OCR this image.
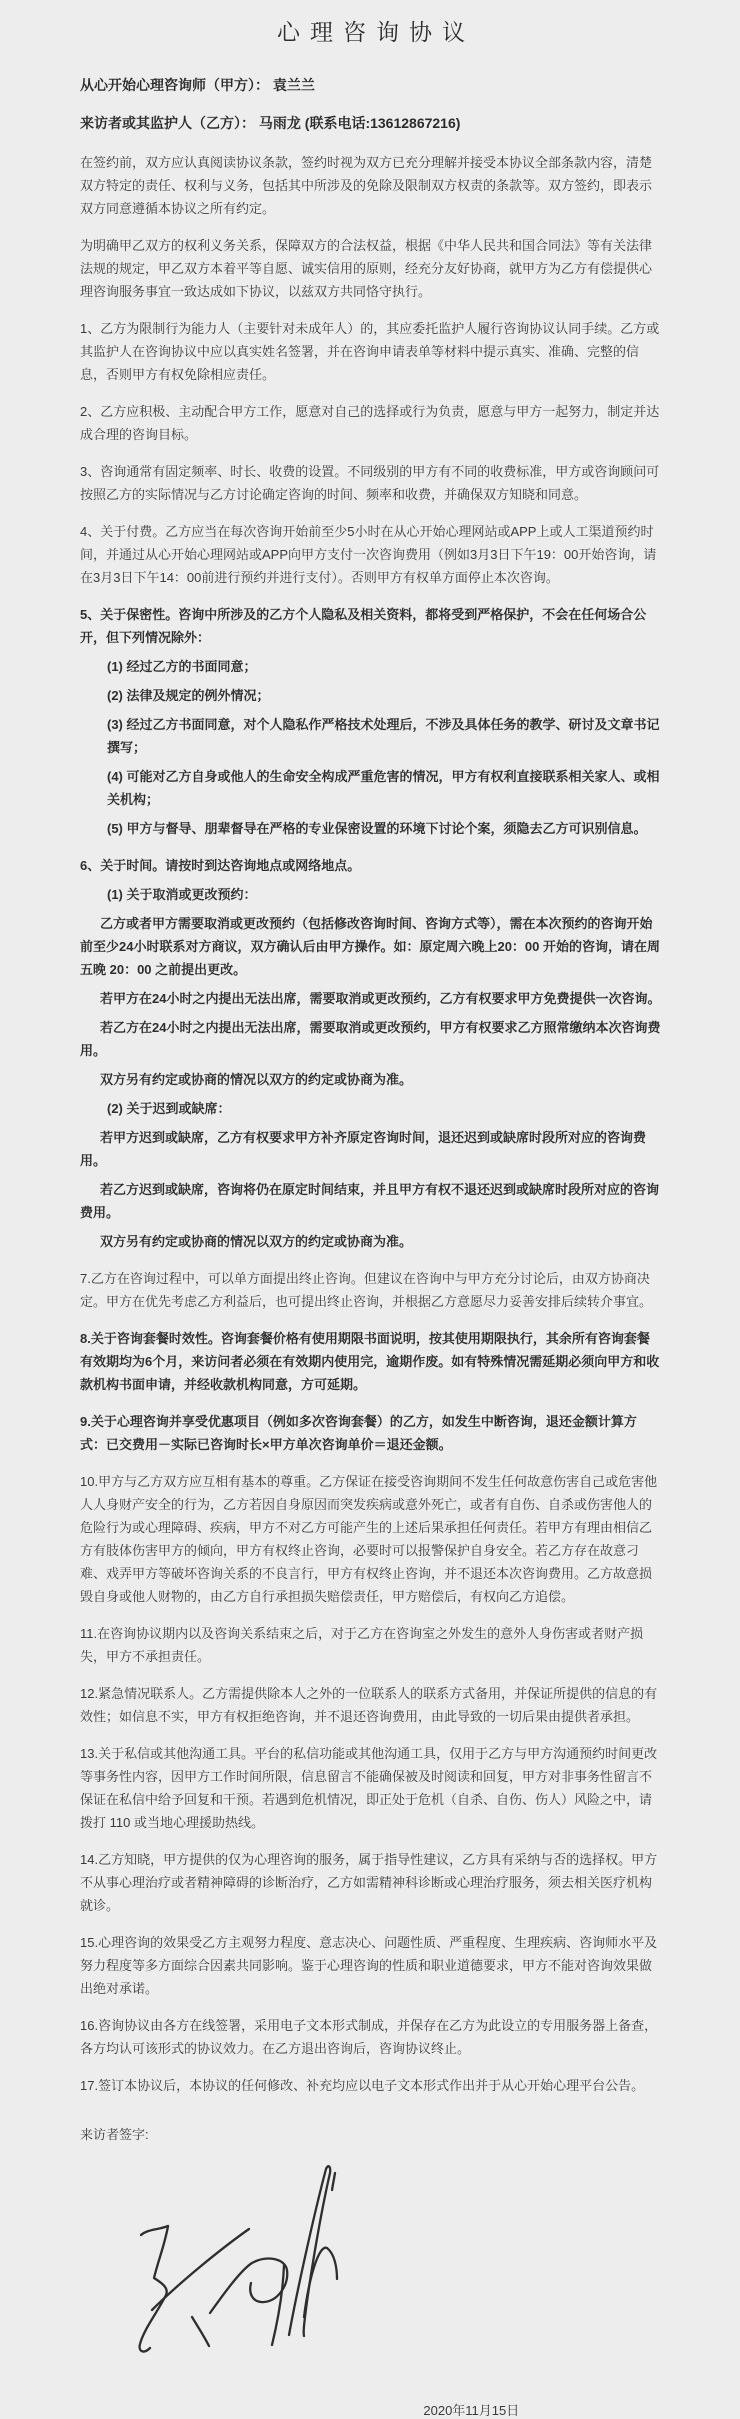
心理咨询协议

从心开始心理咨询师（甲方）： 袁兰兰

来访者或其监护人（乙方）： 马雨龙 (联系电话:13612867216)

在签约前，双方应认真阅读协议条款，签约时视为双方已充分理解并接受本协议全部条款内容，清楚双方特定的责任、权利与义务，包括其中所涉及的免除及限制双方权责的条款等。双方签约，即表示双方同意遵循本协议之所有约定。

为明确甲乙双方的权利义务关系，保障双方的合法权益，根据《中华人民共和国合同法》等有关法律法规的规定，甲乙双方本着平等自愿、诚实信用的原则，经充分友好协商，就甲方为乙方有偿提供心理咨询服务事宜一致达成如下协议，以兹双方共同恪守执行。

1、乙方为限制行为能力人（主要针对未成年人）的，其应委托监护人履行咨询协议认同手续。乙方或其监护人在咨询协议中应以真实姓名签署，并在咨询申请表单等材料中提示真实、准确、完整的信息，否则甲方有权免除相应责任。

2、乙方应积极、主动配合甲方工作，愿意对自己的选择或行为负责，愿意与甲方一起努力，制定并达成合理的咨询目标。

3、咨询通常有固定频率、时长、收费的设置。不同级别的甲方有不同的收费标准，甲方或咨询顾问可按照乙方的实际情况与乙方讨论确定咨询的时间、频率和收费，并确保双方知晓和同意。

4、关于付费。乙方应当在每次咨询开始前至少5小时在从心开始心理网站或APP上或人工渠道预约时间，并通过从心开始心理网站或APP向甲方支付一次咨询费用（例如3月3日下午19：00开始咨询，请在3月3日下午14：00前进行预约并进行支付）。否则甲方有权单方面停止本次咨询。

5、关于保密性。咨询中所涉及的乙方个人隐私及相关资料，都将受到严格保护，不会在任何场合公开，但下列情况除外：

(1) 经过乙方的书面同意；

(2) 法律及规定的例外情况；

(3) 经过乙方书面同意，对个人隐私作严格技术处理后，不涉及具体任务的教学、研讨及文章书记撰写；

(4) 可能对乙方自身或他人的生命安全构成严重危害的情况，甲方有权利直接联系相关家人、或相关机构；

(5) 甲方与督导、朋辈督导在严格的专业保密设置的环境下讨论个案，须隐去乙方可识别信息。

6、关于时间。请按时到达咨询地点或网络地点。

(1) 关于取消或更改预约：

乙方或者甲方需要取消或更改预约（包括修改咨询时间、咨询方式等），需在本次预约的咨询开始前至少24小时联系对方商议，双方确认后由甲方操作。如：原定周六晚上20：00 开始的咨询，请在周五晚 20：00 之前提出更改。

若甲方在24小时之内提出无法出席，需要取消或更改预约，乙方有权要求甲方免费提供一次咨询。

若乙方在24小时之内提出无法出席，需要取消或更改预约，甲方有权要求乙方照常缴纳本次咨询费用。

双方另有约定或协商的情况以双方的约定或协商为准。

(2) 关于迟到或缺席：

若甲方迟到或缺席，乙方有权要求甲方补齐原定咨询时间，退还迟到或缺席时段所对应的咨询费用。

若乙方迟到或缺席，咨询将仍在原定时间结束，并且甲方有权不退还迟到或缺席时段所对应的咨询费用。

双方另有约定或协商的情况以双方的约定或协商为准。

7.乙方在咨询过程中，可以单方面提出终止咨询。但建议在咨询中与甲方充分讨论后，由双方协商决定。甲方在优先考虑乙方利益后，也可提出终止咨询，并根据乙方意愿尽力妥善安排后续转介事宜。

8.关于咨询套餐时效性。咨询套餐价格有使用期限书面说明，按其使用期限执行，其余所有咨询套餐有效期均为6个月，来访问者必须在有效期内使用完，逾期作废。如有特殊情况需延期必须向甲方和收款机构书面申请，并经收款机构同意，方可延期。

9.关于心理咨询并享受优惠项目（例如多次咨询套餐）的乙方，如发生中断咨询，退还金额计算方式：已交费用－实际已咨询时长×甲方单次咨询单价＝退还金额。

10.甲方与乙方双方应互相有基本的尊重。乙方保证在接受咨询期间不发生任何故意伤害自己或危害他人人身财产安全的行为，乙方若因自身原因而突发疾病或意外死亡，或者有自伤、自杀或伤害他人的危险行为或心理障碍、疾病，甲方不对乙方可能产生的上述后果承担任何责任。若甲方有理由相信乙方有肢体伤害甲方的倾向，甲方有权终止咨询，必要时可以报警保护自身安全。若乙方存在故意刁难、戏弄甲方等破坏咨询关系的不良言行，甲方有权终止咨询，并不退还本次咨询费用。乙方故意损毁自身或他人财物的，由乙方自行承担损失赔偿责任，甲方赔偿后，有权向乙方追偿。

11.在咨询协议期内以及咨询关系结束之后，对于乙方在咨询室之外发生的意外人身伤害或者财产损失，甲方不承担责任。

12.紧急情况联系人。乙方需提供除本人之外的一位联系人的联系方式备用，并保证所提供的信息的有效性；如信息不实，甲方有权拒绝咨询，并不退还咨询费用，由此导致的一切后果由提供者承担。

13.关于私信或其他沟通工具。平台的私信功能或其他沟通工具，仅用于乙方与甲方沟通预约时间更改等事务性内容，因甲方工作时间所限，信息留言不能确保被及时阅读和回复，甲方对非事务性留言不保证在私信中给予回复和干预。若遇到危机情况，即正处于危机（自杀、自伤、伤人）风险之中，请拨打 110 或当地心理援助热线。

14.乙方知晓，甲方提供的仅为心理咨询的服务，属于指导性建议，乙方具有采纳与否的选择权。甲方不从事心理治疗或者精神障碍的诊断治疗，乙方如需精神科诊断或心理治疗服务，须去相关医疗机构就诊。

15.心理咨询的效果受乙方主观努力程度、意志决心、问题性质、严重程度、生理疾病、咨询师水平及努力程度等多方面综合因素共同影响。鉴于心理咨询的性质和职业道德要求，甲方不能对咨询效果做出绝对承诺。

16.咨询协议由各方在线签署，采用电子文本形式制成，并保存在乙方为此设立的专用服务器上备查，各方均认可该形式的协议效力。在乙方退出咨询后，咨询协议终止。

17.签订本协议后，本协议的任何修改、补充均应以电子文本形式作出并于从心开始心理平台公告。

来访者签字:

2020年11月15日
